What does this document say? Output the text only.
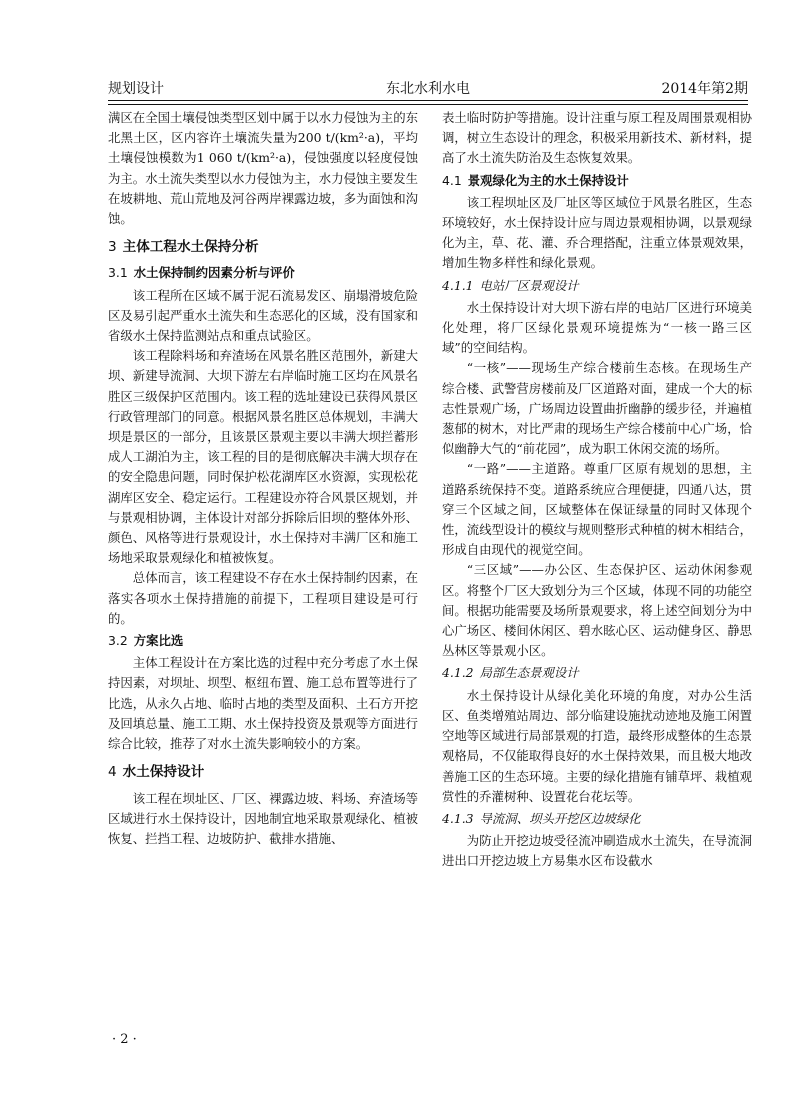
规划设计	东北水利水电	2014年第2期

满区在全国土壤侵蚀类型区划中属于以水力侵蚀为主的东北黑土区，区内容许土壤流失量为200 t/(km²·a)，平均土壤侵蚀模数为1 060 t/(km²·a)，侵蚀强度以轻度侵蚀为主。水土流失类型以水力侵蚀为主，水力侵蚀主要发生在坡耕地、荒山荒地及河谷两岸裸露边坡，多为面蚀和沟蚀。

3 主体工程水土保持分析

3.1 水土保持制约因素分析与评价

该工程所在区域不属于泥石流易发区、崩塌滑坡危险区及易引起严重水土流失和生态恶化的区域，没有国家和省级水土保持监测站点和重点试验区。

该工程除料场和弃渣场在风景名胜区范围外，新建大坝、新建导流洞、大坝下游左右岸临时施工区均在风景名胜区三级保护区范围内。该工程的选址建设已获得风景区行政管理部门的同意。根据风景名胜区总体规划，丰满大坝是景区的一部分，且该景区景观主要以丰满大坝拦蓄形成人工湖泊为主，该工程的目的是彻底解决丰满大坝存在的安全隐患问题，同时保护松花湖库区水资源，实现松花湖库区安全、稳定运行。工程建设亦符合风景区规划，并与景观相协调，主体设计对部分拆除后旧坝的整体外形、颜色、风格等进行景观设计，水土保持对丰满厂区和施工场地采取景观绿化和植被恢复。

总体而言，该工程建设不存在水土保持制约因素，在落实各项水土保持措施的前提下，工程项目建设是可行的。

3.2 方案比选

主体工程设计在方案比选的过程中充分考虑了水土保持因素，对坝址、坝型、枢纽布置、施工总布置等进行了比选，从永久占地、临时占地的类型及面积、土石方开挖及回填总量、施工工期、水土保持投资及景观等方面进行综合比较，推荐了对水土流失影响较小的方案。

4 水土保持设计

该工程在坝址区、厂区、裸露边坡、料场、弃渣场等区域进行水土保持设计，因地制宜地采取景观绿化、植被恢复、拦挡工程、边坡防护、截排水措施、

表土临时防护等措施。设计注重与原工程及周围景观相协调，树立生态设计的理念，积极采用新技术、新材料，提高了水土流失防治及生态恢复效果。

4.1 景观绿化为主的水土保持设计

该工程坝址区及厂址区等区域位于风景名胜区，生态环境较好，水土保持设计应与周边景观相协调，以景观绿化为主，草、花、灌、乔合理搭配，注重立体景观效果，增加生物多样性和绿化景观。

4.1.1 电站厂区景观设计

水土保持设计对大坝下游右岸的电站厂区进行环境美化处理，将厂区绿化景观环境提炼为“一核一路三区域”的空间结构。

“一核”——现场生产综合楼前生态核。在现场生产综合楼、武警营房楼前及厂区道路对面，建成一个大的标志性景观广场，广场周边设置曲折幽静的缓步径，并遍植葱郁的树木，对比严肃的现场生产综合楼前中心广场，恰似幽静大气的“前花园”，成为职工休闲交流的场所。

“一路”——主道路。尊重厂区原有规划的思想，主道路系统保持不变。道路系统应合理便捷，四通八达，贯穿三个区域之间，区域整体在保证绿量的同时又体现个性，流线型设计的模纹与规则整形式种植的树木相结合，形成自由现代的视觉空间。

“三区域”——办公区、生态保护区、运动休闲参观区。将整个厂区大致划分为三个区域，体现不同的功能空间。根据功能需要及场所景观要求，将上述空间划分为中心广场区、楼间休闲区、碧水眩心区、运动健身区、静思丛林区等景观小区。

4.1.2 局部生态景观设计

水土保持设计从绿化美化环境的角度，对办公生活区、鱼类增殖站周边、部分临建设施扰动迹地及施工闲置空地等区域进行局部景观的打造，最终形成整体的生态景观格局，不仅能取得良好的水土保持效果，而且极大地改善施工区的生态环境。主要的绿化措施有铺草坪、栽植观赏性的乔灌树种、设置花台花坛等。

4.1.3 导流洞、坝头开挖区边坡绿化

为防止开挖边坡受径流冲刷造成水土流失，在导流洞进出口开挖边坡上方易集水区布设截水

· 2 ·
